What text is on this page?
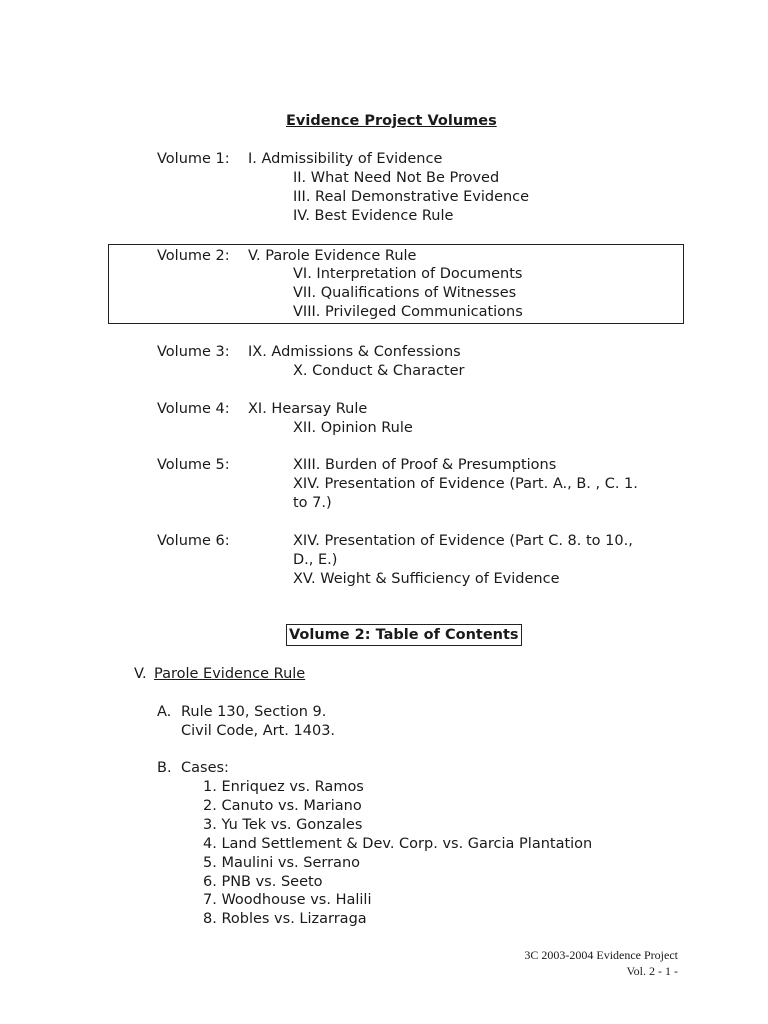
Evidence Project Volumes
Volume 1: I. Admissibility of Evidence
II. What Need Not Be Proved
III. Real Demonstrative Evidence
IV. Best Evidence Rule
Volume 2: V. Parole Evidence Rule
VI. Interpretation of Documents
VII. Qualifications of Witnesses
VIII. Privileged Communications
Volume 3: IX. Admissions & Confessions
X. Conduct & Character
Volume 4: XI. Hearsay Rule
XII. Opinion Rule
Volume 5:	XIII. Burden of Proof & Presumptions
XIV. Presentation of Evidence (Part. A., B. , C. 1.
to 7.)
Volume 6:	XIV. Presentation of Evidence (Part C. 8. to 10.,
D., E.)
XV. Weight & Sufficiency of Evidence
Volume 2: Table of Contents
V. Parole Evidence Rule
A. Rule 130, Section 9.
Civil Code, Art. 1403.
B. Cases:
1. Enriquez vs. Ramos
2. Canuto vs. Mariano
3. Yu Tek vs. Gonzales
4. Land Settlement & Dev. Corp. vs. Garcia Plantation
5. Maulini vs. Serrano
6. PNB vs. Seeto
7. Woodhouse vs. Halili
8. Robles vs. Lizarraga
3C 2003-2004 Evidence Project
Vol. 2 - 1 -
